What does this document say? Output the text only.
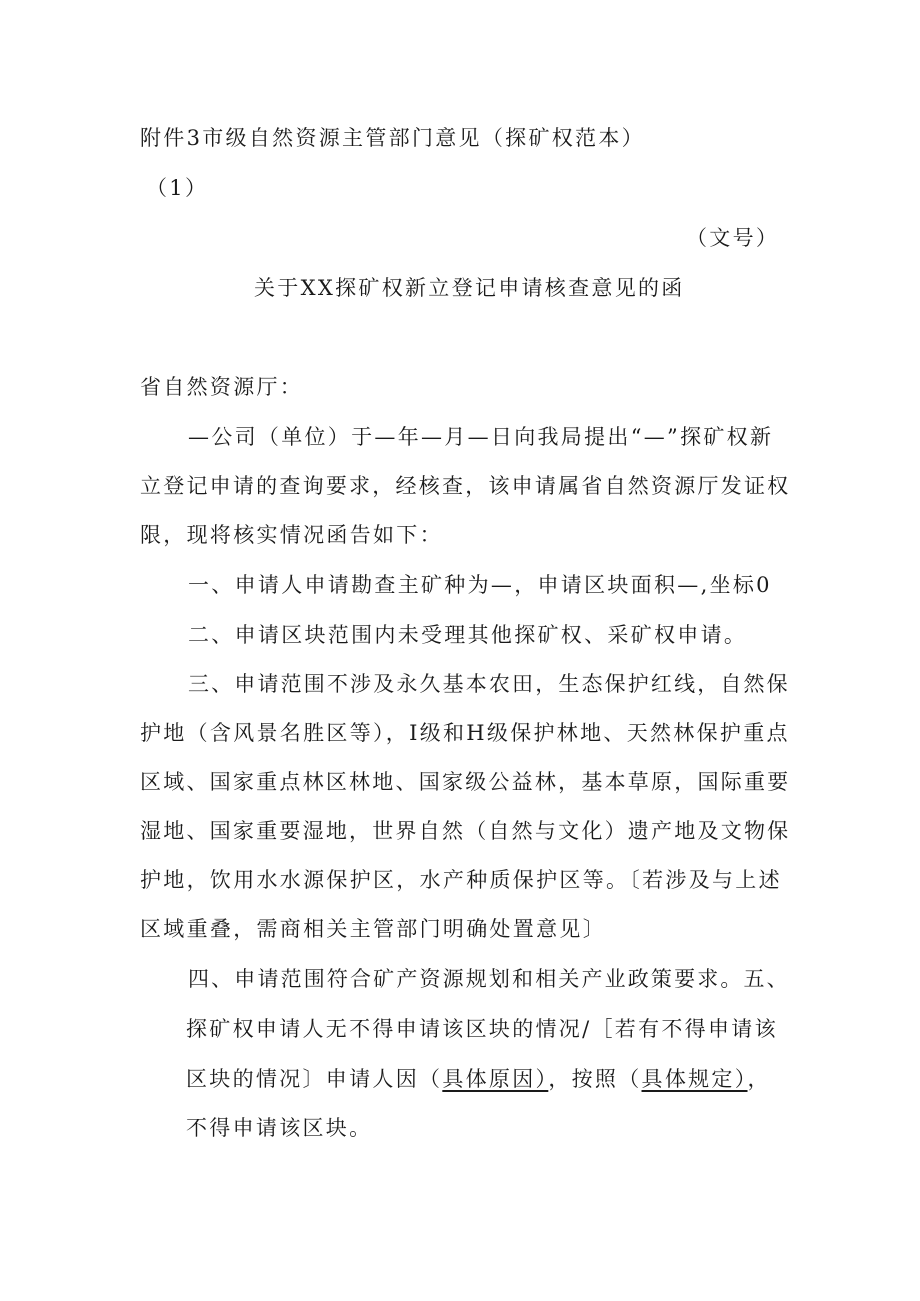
附件3市级自然资源主管部门意见（探矿权范本）
（1）
（文号）
关于XX探矿权新立登记申请核查意见的函
省自然资源厅：
—公司（单位）于—年—月—日向我局提出“—”探矿权新
立登记申请的查询要求，经核查，该申请属省自然资源厅发证权
限，现将核实情况函告如下：
一、申请人申请勘查主矿种为—，申请区块面积—,坐标0
二、申请区块范围内未受理其他探矿权、采矿权申请。
三、申请范围不涉及永久基本农田，生态保护红线，自然保
护地（含风景名胜区等），I级和H级保护林地、天然林保护重点
区域、国家重点林区林地、国家级公益林，基本草原，国际重要
湿地、国家重要湿地，世界自然（自然与文化）遗产地及文物保
护地，饮用水水源保护区，水产种质保护区等。〔若涉及与上述
区域重叠，需商相关主管部门明确处置意见〕
四、申请范围符合矿产资源规划和相关产业政策要求。五、
探矿权申请人无不得申请该区块的情况/［若有不得申请该
区块的情况〕申请人因（具体原因），按照（具体规定），
不得申请该区块。
